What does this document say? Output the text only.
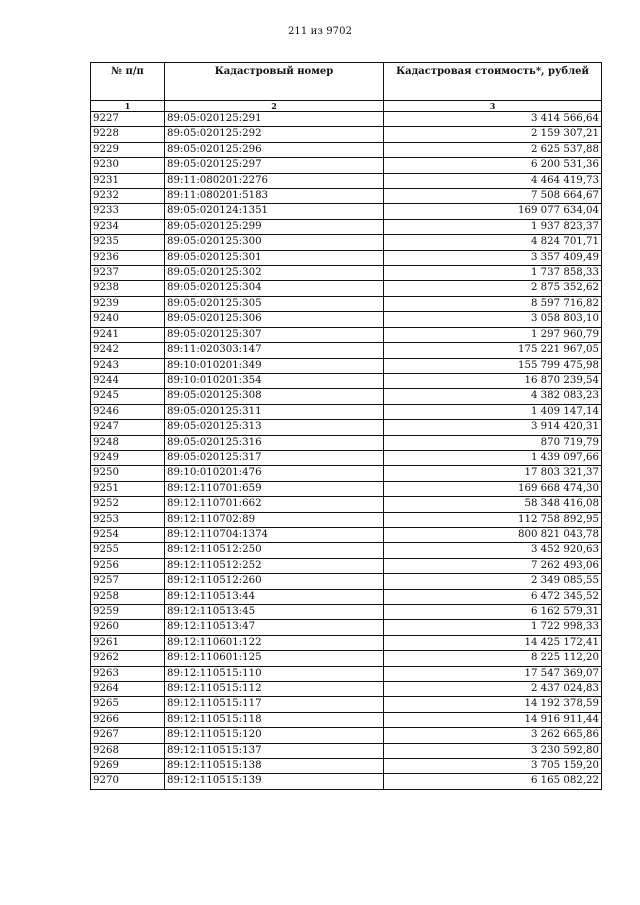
211 из 9702
№ п/п	Кадастровый номер	Кадастровая стоимость*, рублей
1	2	3
9227	89:05:020125:291	3 414 566,64
9228	89:05:020125:292	2 159 307,21
9229	89:05:020125:296	2 625 537,88
9230	89:05:020125:297	6 200 531,36
9231	89:11:080201:2276	4 464 419,73
9232	89:11:080201:5183	7 508 664,67
9233	89:05:020124:1351	169 077 634,04
9234	89:05:020125:299	1 937 823,37
9235	89:05:020125:300	4 824 701,71
9236	89:05:020125:301	3 357 409,49
9237	89:05:020125:302	1 737 858,33
9238	89:05:020125:304	2 875 352,62
9239	89:05:020125:305	8 597 716,82
9240	89:05:020125:306	3 058 803,10
9241	89:05:020125:307	1 297 960,79
9242	89:11:020303:147	175 221 967,05
9243	89:10:010201:349	155 799 475,98
9244	89:10:010201:354	16 870 239,54
9245	89:05:020125:308	4 382 083,23
9246	89:05:020125:311	1 409 147,14
9247	89:05:020125:313	3 914 420,31
9248	89:05:020125:316	870 719,79
9249	89:05:020125:317	1 439 097,66
9250	89:10:010201:476	17 803 321,37
9251	89:12:110701:659	169 668 474,30
9252	89:12:110701:662	58 348 416,08
9253	89:12:110702:89	112 758 892,95
9254	89:12:110704:1374	800 821 043,78
9255	89:12:110512:250	3 452 920,63
9256	89:12:110512:252	7 262 493,06
9257	89:12:110512:260	2 349 085,55
9258	89:12:110513:44	6 472 345,52
9259	89:12:110513:45	6 162 579,31
9260	89:12:110513:47	1 722 998,33
9261	89:12:110601:122	14 425 172,41
9262	89:12:110601:125	8 225 112,20
9263	89:12:110515:110	17 547 369,07
9264	89:12:110515:112	2 437 024,83
9265	89:12:110515:117	14 192 378,59
9266	89:12:110515:118	14 916 911,44
9267	89:12:110515:120	3 262 665,86
9268	89:12:110515:137	3 230 592,80
9269	89:12:110515:138	3 705 159,20
9270	89:12:110515:139	6 165 082,22
